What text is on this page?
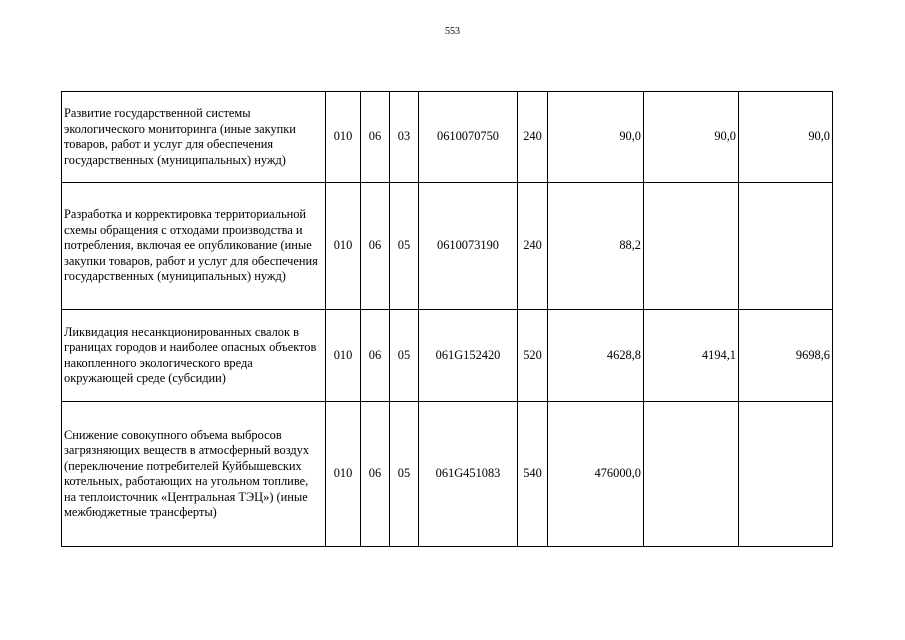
553
Развитие государственной системы экологического мониторинга (иные закупки товаров, работ и услуг для обеспечения государственных (муниципальных) нужд)	010	06	03	0610070750	240	90,0	90,0	90,0
Разработка и корректировка территориальной схемы обращения с отходами производства и потребления, включая ее опубликование (иные закупки товаров, работ и услуг для обеспечения государственных (муниципальных) нужд)	010	06	05	0610073190	240	88,2		
Ликвидация несанкционированных свалок в границах городов и наиболее опасных объектов накопленного экологического вреда окружающей среде (субсидии)	010	06	05	061G152420	520	4628,8	4194,1	9698,6
Снижение совокупного объема выбросов загрязняющих веществ в атмосферный воздух (переключение потребителей Куйбышевских котельных, работающих на угольном топливе, на теплоисточник «Центральная ТЭЦ») (иные межбюджетные трансферты)	010	06	05	061G451083	540	476000,0		
